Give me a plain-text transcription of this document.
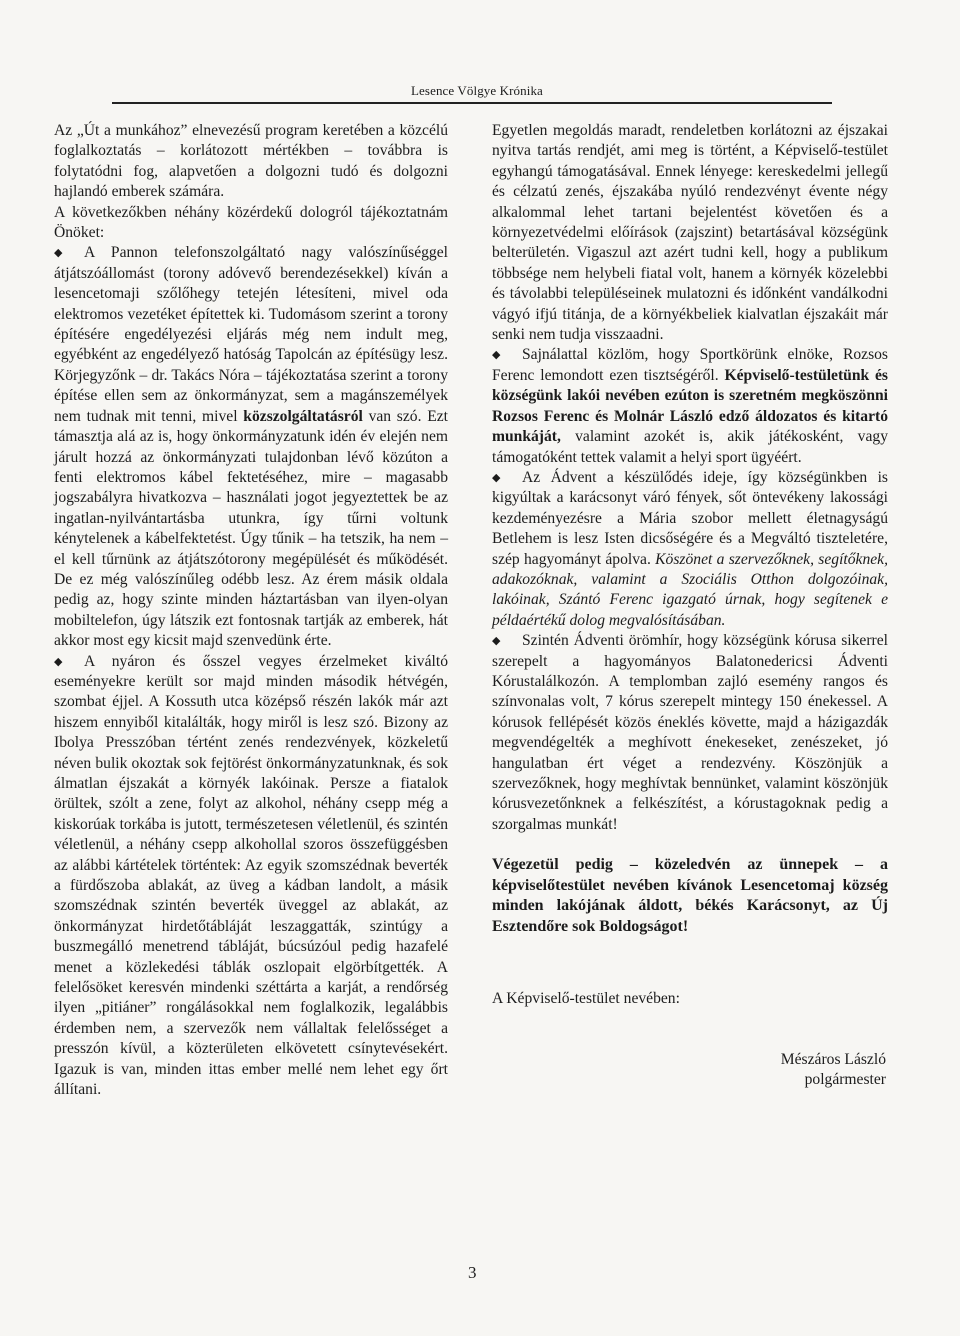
Lesence Völgye Krónika

Az „Út a munkához” elnevezésű program keretében a közcélú foglalkoztatás – korlátozott mértékben – továbbra is folytatódni fog, alapvetően a dolgozni tudó és dolgozni hajlandó emberek számára.

A következőkben néhány közérdekű dologról tájékoztatnám Önöket:

◆ A Pannon telefonszolgáltató nagy valószínűséggel átjátszóállomást (torony adóvevő berendezésekkel) kíván a lesencetomaji szőlőhegy tetején létesíteni, mivel oda elektromos vezetéket építettek ki. Tudomásom szerint a torony építésére engedélyezési eljárás még nem indult meg, egyébként az engedélyező hatóság Tapolcán az építésügy lesz. Körjegyzőnk – dr. Takács Nóra – tájékoztatása szerint a torony építése ellen sem az önkormányzat, sem a magánszemélyek nem tudnak mit tenni, mivel közszolgáltatásról van szó. Ezt támasztja alá az is, hogy önkormányzatunk idén év elején nem járult hozzá az önkormányzati tulajdonban lévő közúton a fenti elektromos kábel fektetéséhez, mire – magasabb jogszabályra hivatkozva – használati jogot jegyeztettek be az ingatlan-nyilvántartásba utunkra, így tűrni voltunk kénytelenek a kábelfektetést. Úgy tűnik – ha tetszik, ha nem – el kell tűrnünk az átjátszótorony megépülését és működését. De ez még valószínűleg odébb lesz. Az érem másik oldala pedig az, hogy szinte minden háztartásban van ilyen-olyan mobiltelefon, úgy látszik ezt fontosnak tartják az emberek, hát akkor most egy kicsit majd szenvedünk érte.

◆ A nyáron és ősszel vegyes érzelmeket kiváltó eseményekre került sor majd minden második hétvégén, szombat éjjel. A Kossuth utca középső részén lakók már azt hiszem ennyiből kitalálták, hogy miről is lesz szó. Bizony az Ibolya Presszóban tértént zenés rendezvények, közkeletű néven bulik okoztak sok fejtörést önkormányzatunknak, és sok álmatlan éjszakát a környék lakóinak. Persze a fiatalok örültek, szólt a zene, folyt az alkohol, néhány csepp még a kiskorúak torkába is jutott, természetesen véletlenül, és szintén véletlenül, a néhány csepp alkohollal szoros összefüggésben az alábbi kártételek történtek: Az egyik szomszédnak beverték a fürdőszoba ablakát, az üveg a kádban landolt, a másik szomszédnak szintén beverték üveggel az ablakát, az önkormányzat hirdetőtábláját leszaggatták, szintúgy a buszmegálló menetrend tábláját, búcsúzóul pedig hazafelé menet a közlekedési táblák oszlopait elgörbítgették. A felelősöket keresvén mindenki széttárta a karját, a rendőrség ilyen „pitiáner” rongálásokkal nem foglalkozik, legalábbis érdemben nem, a szervezők nem vállaltak felelősséget a presszón kívül, a közterületen elkövetett csínytevésekért. Igazuk is van, minden ittas ember mellé nem lehet egy őrt állítani.

Egyetlen megoldás maradt, rendeletben korlátozni az éjszakai nyitva tartás rendjét, ami meg is történt, a Képviselő-testület egyhangú támogatásával. Ennek lényege: kereskedelmi jellegű és célzatú zenés, éjszakába nyúló rendezvényt évente négy alkalommal lehet tartani bejelentést követően és a környezetvédelmi előírások (zajszint) betartásával községünk belterületén. Vigaszul azt azért tudni kell, hogy a publikum többsége nem helybeli fiatal volt, hanem a környék közelebbi és távolabbi településeinek mulatozni és időnként vandálkodni vágyó ifjú titánja, de a környékbeliek kialvatlan éjszakáit már senki nem tudja visszaadni.

◆ Sajnálattal közlöm, hogy Sportkörünk elnöke, Rozsos Ferenc lemondott ezen tisztségéről. Képviselő-testületünk és községünk lakói nevében ezúton is szeretném megköszönni Rozsos Ferenc és Molnár László edző áldozatos és kitartó munkáját, valamint azokét is, akik játékosként, vagy támogatóként tettek valamit a helyi sport ügyéért.

◆ Az Ádvent a készülődés ideje, így községünkben is kigyúltak a karácsonyt váró fények, sőt öntevékeny lakossági kezdeményezésre a Mária szobor mellett életnagyságú Betlehem is lesz Isten dicsőségére és a Megváltó tiszteletére, szép hagyományt ápolva. Köszönet a szervezőknek, segítőknek, adakozóknak, valamint a Szociális Otthon dolgozóinak, lakóinak, Szántó Ferenc igazgató úrnak, hogy segítenek e példaértékű dolog megvalósításában.

◆ Szintén Ádventi örömhír, hogy községünk kórusa sikerrel szerepelt a hagyományos Balatonedericsi Ádventi Kórustalálkozón. A templomban zajló esemény rangos és színvonalas volt, 7 kórus szerepelt mintegy 150 énekessel. A kórusok fellépését közös éneklés követte, majd a házigazdák megvendégelték a meghívott énekeseket, zenészeket, jó hangulatban ért véget a rendezvény. Köszönjük a szervezőknek, hogy meghívtak bennünket, valamint köszönjük kórusvezetőnknek a felkészítést, a kórustagoknak pedig a szorgalmas munkát!

Végezetül pedig – közeledvén az ünnepek – a képviselőtestület nevében kívánok Lesencetomaj község minden lakójának áldott, békés Karácsonyt, az Új Esztendőre sok Boldogságot!

A Képviselő-testület nevében:

Mészáros László

polgármester

3
